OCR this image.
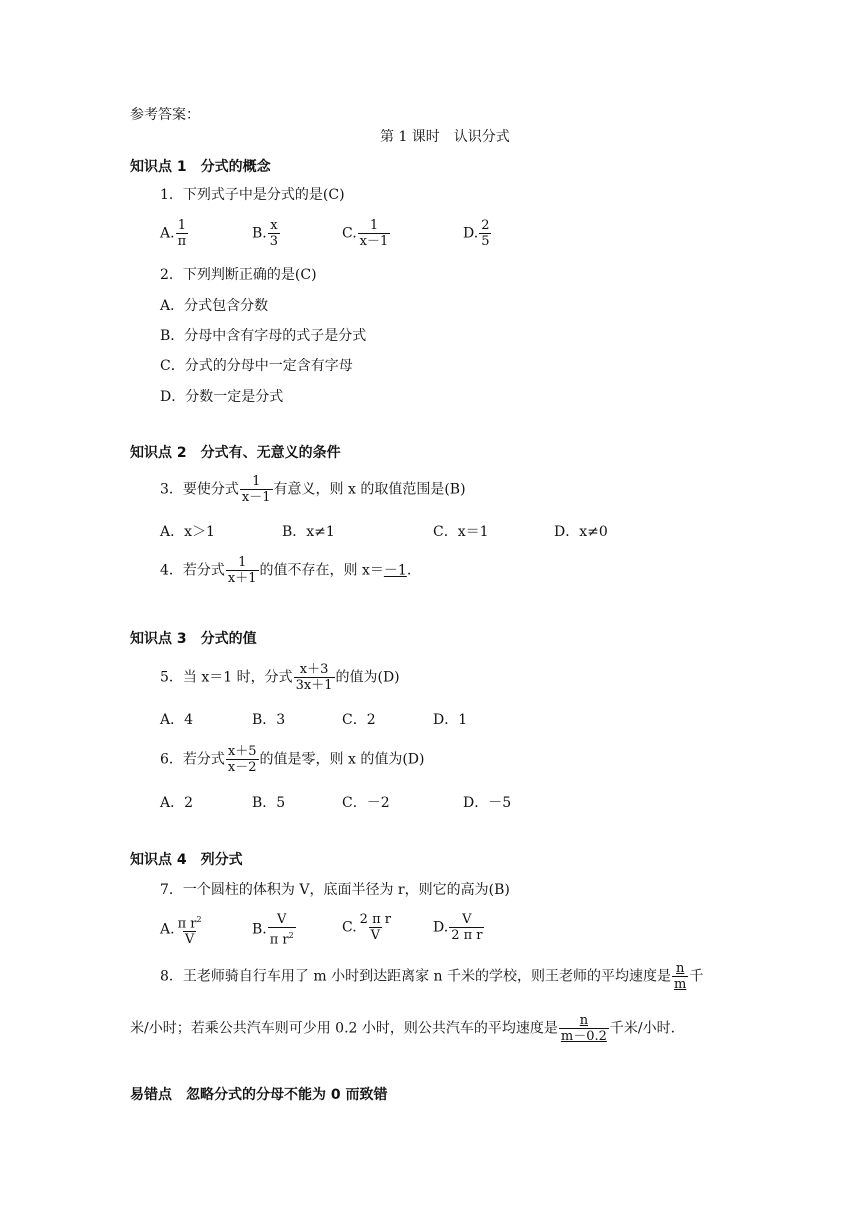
参考答案：
第 1 课时　认识分式
知识点 1　分式的概念
1．下列式子中是分式的是(C)
A. $\frac{1}{\pi}$	B. $\frac{x}{3}$	C. $\frac{1}{x-1}$	D. $\frac{2}{5}$
2．下列判断正确的是(C)
A．分式包含分数
B．分母中含有字母的式子是分式
C．分式的分母中一定含有字母
D．分数一定是分式
知识点 2　分式有、无意义的条件
3．要使分式 $\frac{1}{x-1}$ 有意义，则 x 的取值范围是(B)
A．x＞1	B．x≠1	C．x＝1	D．x≠0
4．若分式 $\frac{1}{x+1}$ 的值不存在，则 x＝－1.
知识点 3　分式的值
5．当 x＝1 时，分式 $\frac{x+3}{3x+1}$ 的值为(D)
A．4	B．3	C．2	D．1
6．若分式 $\frac{x+5}{x-2}$ 的值是零，则 x 的值为(D)
A．2	B．5	C．－2	D．－5
知识点 4　列分式
7．一个圆柱的体积为 V，底面半径为 r，则它的高为(B)
A. $\frac{\pi r^2}{V}$	B. $\frac{V}{\pi r^2}$	C. $\frac{\text{2 π r}}{V}$	D. $\frac{V}{\text{2 π r}}$
8．王老师骑自行车用了 m 小时到达距离家 n 千米的学校，则王老师的平均速度是 $\frac{n}{m}$ 千
米/小时；若乘公共汽车则可少用 0.2 小时，则公共汽车的平均速度是 $\frac{n}{m-0.2}$ 千米/小时.
易错点　忽略分式的分母不能为 0 而致错
